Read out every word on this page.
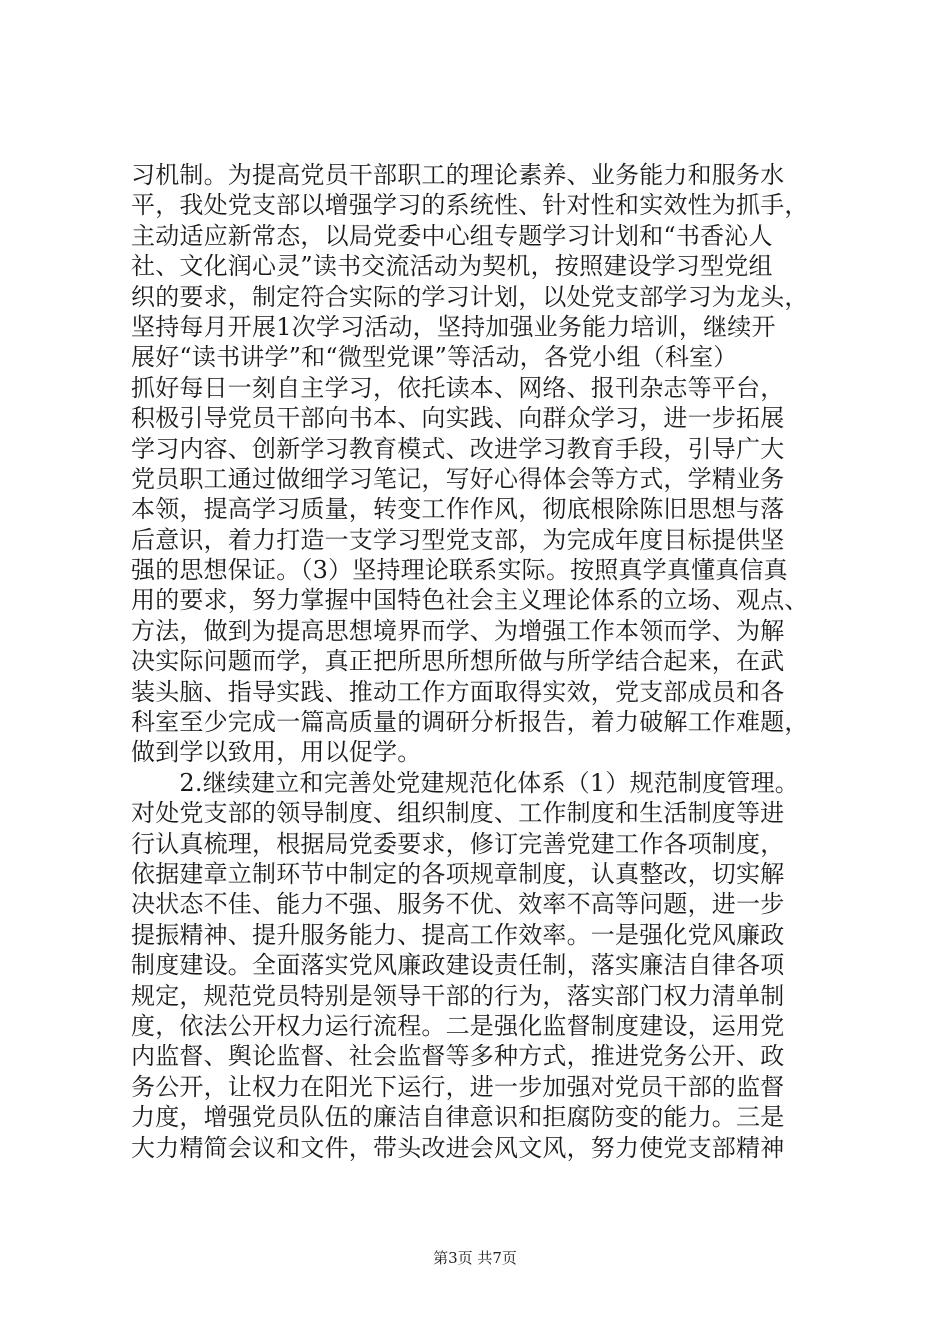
习机制。为提高党员干部职工的理论素养、业务能力和服务水
平，我处党支部以增强学习的系统性、针对性和实效性为抓手，
主动适应新常态，以局党委中心组专题学习计划和“书香沁人
社、文化润心灵”读书交流活动为契机，按照建设学习型党组
织的要求，制定符合实际的学习计划，以处党支部学习为龙头，
坚持每月开展1次学习活动，坚持加强业务能力培训，继续开
展好“读书讲学”和“微型党课”等活动，各党小组（科室）
抓好每日一刻自主学习，依托读本、网络、报刊杂志等平台，
积极引导党员干部向书本、向实践、向群众学习，进一步拓展
学习内容、创新学习教育模式、改进学习教育手段，引导广大
党员职工通过做细学习笔记，写好心得体会等方式，学精业务
本领，提高学习质量，转变工作作风，彻底根除陈旧思想与落
后意识，着力打造一支学习型党支部，为完成年度目标提供坚
强的思想保证。（3）坚持理论联系实际。按照真学真懂真信真
用的要求，努力掌握中国特色社会主义理论体系的立场、观点、
方法，做到为提高思想境界而学、为增强工作本领而学、为解
决实际问题而学，真正把所思所想所做与所学结合起来，在武
装头脑、指导实践、推动工作方面取得实效，党支部成员和各
科室至少完成一篇高质量的调研分析报告，着力破解工作难题，
做到学以致用，用以促学。
　　2.继续建立和完善处党建规范化体系（1）规范制度管理。
对处党支部的领导制度、组织制度、工作制度和生活制度等进
行认真梳理，根据局党委要求，修订完善党建工作各项制度，
依据建章立制环节中制定的各项规章制度，认真整改，切实解
决状态不佳、能力不强、服务不优、效率不高等问题，进一步
提振精神、提升服务能力、提高工作效率。一是强化党风廉政
制度建设。全面落实党风廉政建设责任制，落实廉洁自律各项
规定，规范党员特别是领导干部的行为，落实部门权力清单制
度，依法公开权力运行流程。二是强化监督制度建设，运用党
内监督、舆论监督、社会监督等多种方式，推进党务公开、政
务公开，让权力在阳光下运行，进一步加强对党员干部的监督
力度，增强党员队伍的廉洁自律意识和拒腐防变的能力。三是
大力精简会议和文件，带头改进会风文风，努力使党支部精神
第3页 共7页
